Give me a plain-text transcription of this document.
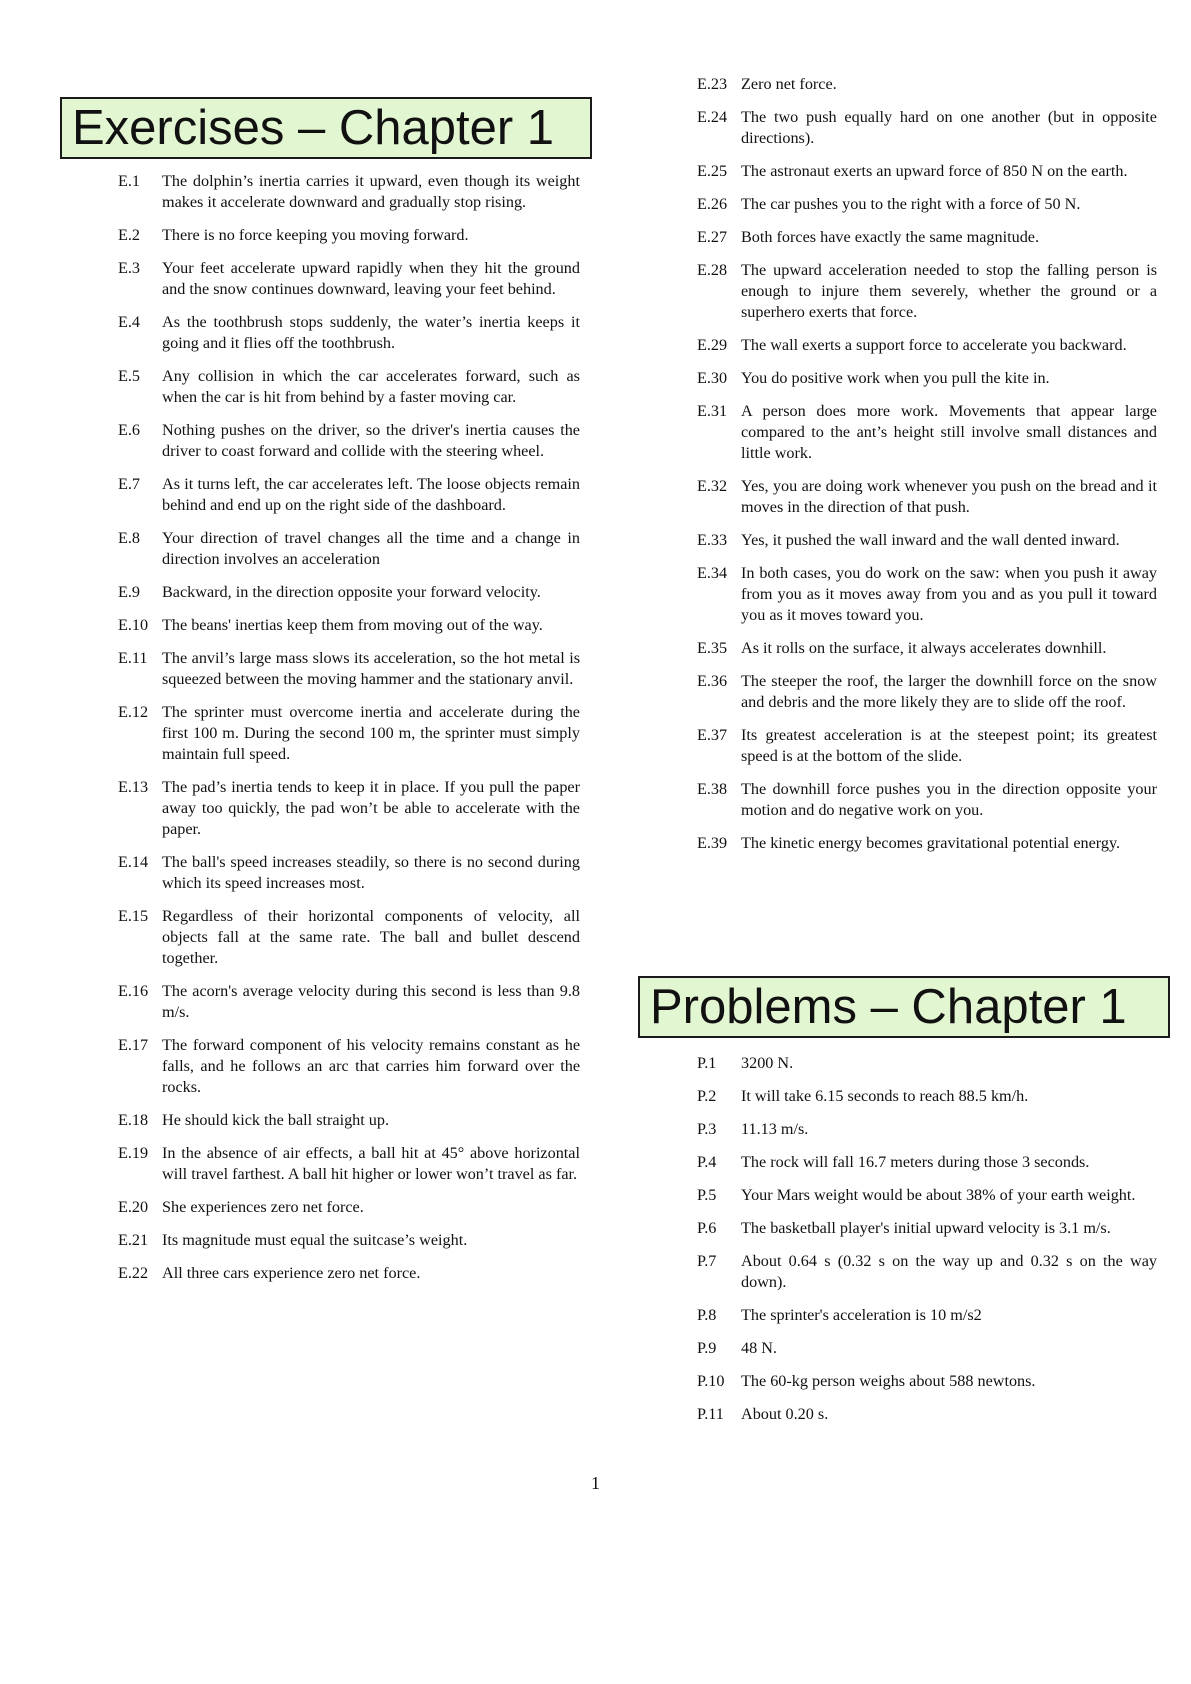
Exercises – Chapter 1
E.1	The dolphin’s inertia carries it upward, even though its weight makes it accelerate downward and gradually stop rising.
E.2	There is no force keeping you moving forward.
E.3	Your feet accelerate upward rapidly when they hit the ground and the snow continues downward, leaving your feet behind.
E.4	As the toothbrush stops suddenly, the water’s inertia keeps it going and it flies off the toothbrush.
E.5	Any collision in which the car accelerates forward, such as when the car is hit from behind by a faster moving car.
E.6	Nothing pushes on the driver, so the driver's inertia causes the driver to coast forward and collide with the steering wheel.
E.7	As it turns left, the car accelerates left. The loose objects remain behind and end up on the right side of the dashboard.
E.8	Your direction of travel changes all the time and a change in direction involves an acceleration
E.9	Backward, in the direction opposite your forward velocity.
E.10 The beans' inertias keep them from moving out of the way.
E.11 The anvil’s large mass slows its acceleration, so the hot metal is squeezed between the moving hammer and the stationary anvil.
E.12 The sprinter must overcome inertia and accelerate during the first 100 m. During the second 100 m, the sprinter must simply maintain full speed.
E.13 The pad’s inertia tends to keep it in place. If you pull the paper away too quickly, the pad won’t be able to accelerate with the paper.
E.14 The ball's speed increases steadily, so there is no second during which its speed increases most.
E.15 Regardless of their horizontal components of velocity, all objects fall at the same rate. The ball and bullet descend together.
E.16 The acorn's average velocity during this second is less than 9.8 m/s.
E.17 The forward component of his velocity remains constant as he falls, and he follows an arc that carries him forward over the rocks.
E.18 He should kick the ball straight up.
E.19 In the absence of air effects, a ball hit at 45° above horizontal will travel farthest. A ball hit higher or lower won’t travel as far.
E.20 She experiences zero net force.
E.21 Its magnitude must equal the suitcase’s weight.
E.22 All three cars experience zero net force.
E.23 Zero net force.
E.24 The two push equally hard on one another (but in opposite directions).
E.25 The astronaut exerts an upward force of 850 N on the earth.
E.26 The car pushes you to the right with a force of 50 N.
E.27 Both forces have exactly the same magnitude.
E.28 The upward acceleration needed to stop the falling person is enough to injure them severely, whether the ground or a superhero exerts that force.
E.29 The wall exerts a support force to accelerate you backward.
E.30 You do positive work when you pull the kite in.
E.31 A person does more work. Movements that appear large compared to the ant’s height still involve small distances and little work.
E.32 Yes, you are doing work whenever you push on the bread and it moves in the direction of that push.
E.33 Yes, it pushed the wall inward and the wall dented inward.
E.34 In both cases, you do work on the saw: when you push it away from you as it moves away from you and as you pull it toward you as it moves toward you.
E.35 As it rolls on the surface, it always accelerates downhill.
E.36 The steeper the roof, the larger the downhill force on the snow and debris and the more likely they are to slide off the roof.
E.37 Its greatest acceleration is at the steepest point; its greatest speed is at the bottom of the slide.
E.38 The downhill force pushes you in the direction opposite your motion and do negative work on you.
E.39 The kinetic energy becomes gravitational potential energy.
Problems – Chapter 1
P.1	3200 N.
P.2	It will take 6.15 seconds to reach 88.5 km/h.
P.3	11.13 m/s.
P.4	The rock will fall 16.7 meters during those 3 seconds.
P.5	Your Mars weight would be about 38% of your earth weight.
P.6	The basketball player's initial upward velocity is 3.1 m/s.
P.7	About 0.64 s (0.32 s on the way up and 0.32 s on the way down).
P.8	The sprinter's acceleration is 10 m/s2
P.9	48 N.
P.10	The 60-kg person weighs about 588 newtons.
P.11	About 0.20 s.
1
